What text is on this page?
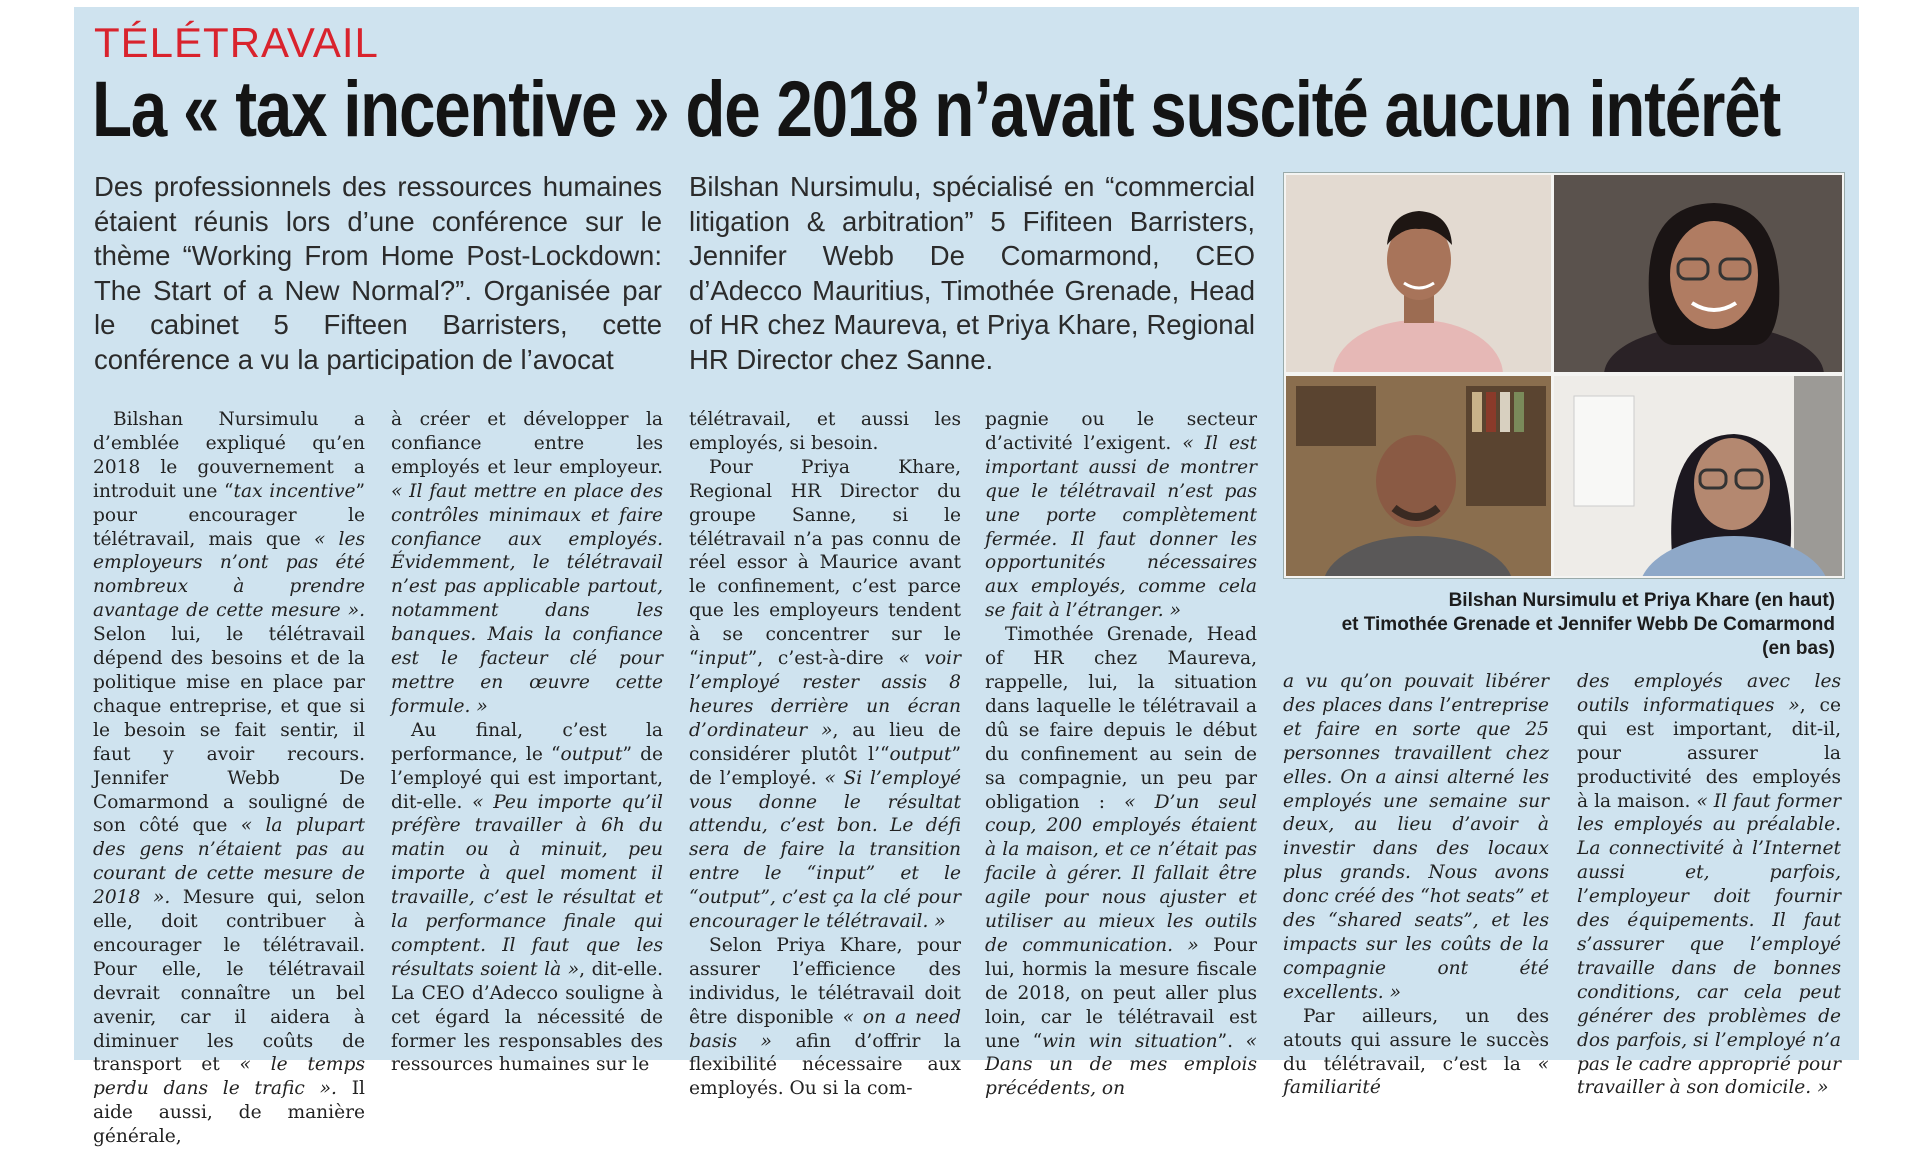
TÉLÉTRAVAIL
La « tax incentive » de 2018 n’avait suscité aucun intérêt

Des professionnels des ressources humaines étaient réunis lors d’une conférence sur le thème “Working From Home Post-Lockdown: The Start of a New Normal?”. Organisée par le cabinet 5 Fifteen Barristers, cette conférence a vu la participation de l’avocat

Bilshan Nursimulu, spécialisé en “commercial litigation & arbitration” 5 Fifiteen Barristers, Jennifer Webb De Comarmond, CEO d’Adecco Mauritius, Timothée Grenade, Head of HR chez Maureva, et Priya Khare, Regional HR Director chez Sanne.

Bilshan Nursimulu et Priya Khare (en haut)
et Timothée Grenade et Jennifer Webb De Comarmond
(en bas)

Bilshan Nursimulu a d’emblée expliqué qu’en 2018 le gouvernement a introduit une “tax incentive” pour encourager le télétravail, mais que « les employeurs n’ont pas été nombreux à prendre avantage de cette mesure ». Selon lui, le télétravail dépend des besoins et de la politique mise en place par chaque entreprise, et que si le besoin se fait sentir, il faut y avoir recours. Jennifer Webb De Comarmond a souligné de son côté que « la plupart des gens n’étaient pas au courant de cette mesure de 2018 ». Mesure qui, selon elle, doit contribuer à encourager le télétravail. Pour elle, le télétravail devrait connaître un bel avenir, car il aidera à diminuer les coûts de transport et « le temps perdu dans le trafic ». Il aide aussi, de manière générale,

à créer et développer la confiance entre les employés et leur employeur. « Il faut mettre en place des contrôles minimaux et faire confiance aux employés. Évidemment, le télétravail n’est pas applicable partout, notamment dans les banques. Mais la confiance est le facteur clé pour mettre en œuvre cette formule. »

Au final, c’est la performance, le “output” de l’employé qui est important, dit-elle. « Peu importe qu’il préfère travailler à 6h du matin ou à minuit, peu importe à quel moment il travaille, c’est le résultat et la performance finale qui comptent. Il faut que les résultats soient là », dit-elle. La CEO d’Adecco souligne à cet égard la nécessité de former les responsables des ressources humaines sur le

télétravail, et aussi les employés, si besoin.

Pour Priya Khare, Regional HR Director du groupe Sanne, si le télétravail n’a pas connu de réel essor à Maurice avant le confinement, c’est parce que les employeurs tendent à se concentrer sur le “input”, c’est-à-dire « voir l’employé rester assis 8 heures derrière un écran d’ordinateur », au lieu de considérer plutôt l’“output” de l’employé. « Si l’employé vous donne le résultat attendu, c’est bon. Le défi sera de faire la transition entre le “input” et le “output”, c’est ça la clé pour encourager le télétravail. »

Selon Priya Khare, pour assurer l’efficience des individus, le télétravail doit être disponible « on a need basis » afin d’offrir la flexibilité nécessaire aux employés. Ou si la com-

pagnie ou le secteur d’activité l’exigent. « Il est important aussi de montrer que le télétravail n’est pas une porte complètement fermée. Il faut donner les opportunités nécessaires aux employés, comme cela se fait à l’étranger. »

Timothée Grenade, Head of HR chez Maureva, rappelle, lui, la situation dans laquelle le télétravail a dû se faire depuis le début du confinement au sein de sa compagnie, un peu par obligation : « D’un seul coup, 200 employés étaient à la maison, et ce n’était pas facile à gérer. Il fallait être agile pour nous ajuster et utiliser au mieux les outils de communication. » Pour lui, hormis la mesure fiscale de 2018, on peut aller plus loin, car le télétravail est une “win win situation”. « Dans un de mes emplois précédents, on

a vu qu’on pouvait libérer des places dans l’entreprise et faire en sorte que 25 personnes travaillent chez elles. On a ainsi alterné les employés une semaine sur deux, au lieu d’avoir à investir dans des locaux plus grands. Nous avons donc créé des “hot seats” et des “shared seats”, et les impacts sur les coûts de la compagnie ont été excellents. »

Par ailleurs, un des atouts qui assure le succès du télétravail, c’est la « familiarité

des employés avec les outils informatiques », ce qui est important, dit-il, pour assurer la productivité des employés à la maison. « Il faut former les employés au préalable. La connectivité à l’Internet aussi et, parfois, l’employeur doit fournir des équipements. Il faut s’assurer que l’employé travaille dans de bonnes conditions, car cela peut générer des problèmes de dos parfois, si l’employé n’a pas le cadre approprié pour travailler à son domicile. »
